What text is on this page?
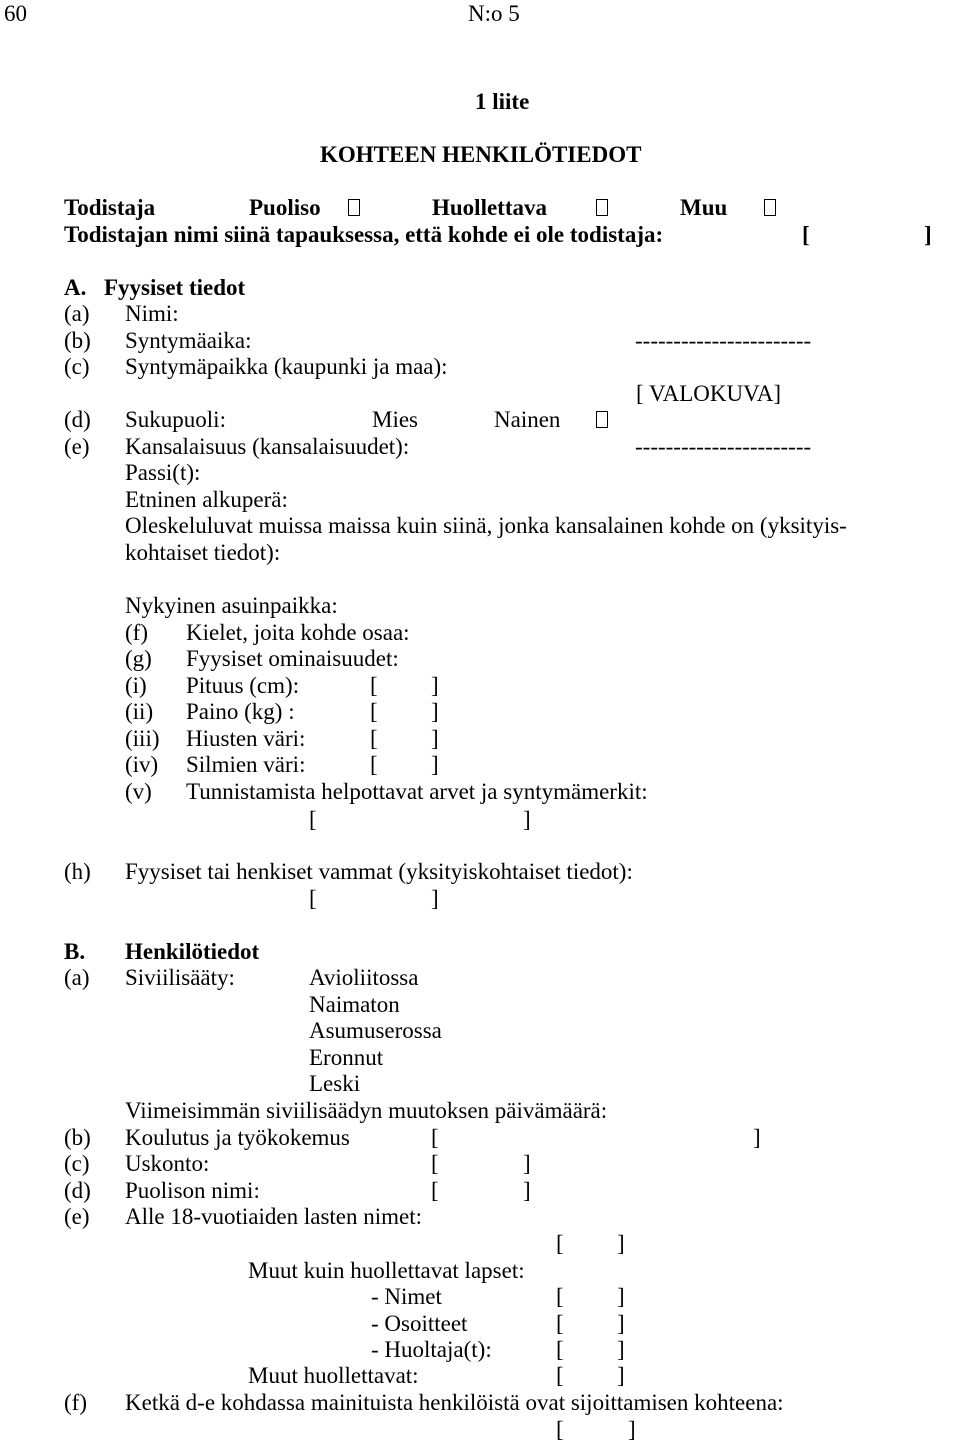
60	N:o 5
1 liite
KOHTEEN HENKILÖTIEDOT
Todistaja	Puoliso	Huollettava	Muu
Todistajan nimi siinä tapauksessa, että kohde ei ole todistaja:	[	]
A. Fyysiset tiedot
(a) Nimi:
(b) Syntymäaika:	-----------------------
(c) Syntymäpaikka (kaupunki ja maa):
[ VALOKUVA]
(d) Sukupuoli:	Mies	Nainen
(e) Kansalaisuus (kansalaisuudet):	-----------------------
Passi(t):
Etninen alkuperä:
Oleskeluluvat muissa maissa kuin siinä, jonka kansalainen kohde on (yksityis-
kohtaiset tiedot):
Nykyinen asuinpaikka:
(f) Kielet, joita kohde osaa:
(g) Fyysiset ominaisuudet:
(i) Pituus (cm):	[ ]
(ii) Paino (kg) :	[ ]
(iii) Hiusten väri:	[ ]
(iv) Silmien väri:	[ ]
(v) Tunnistamista helpottavat arvet ja syntymämerkit:
[	]
(h) Fyysiset tai henkiset vammat (yksityiskohtaiset tiedot):
[	]
B. Henkilötiedot
(a) Siviilisääty:	Avioliitossa
Naimaton
Asumuserossa
Eronnut
Leski
Viimeisimmän siviilisäädyn muutoksen päivämäärä:
(b) Koulutus ja työkokemus	[	]
(c) Uskonto:	[	]
(d) Puolison nimi:	[	]
(e) Alle 18-vuotiaiden lasten nimet:
[ ]
Muut kuin huollettavat lapset:
- Nimet	[ ]
- Osoitteet	[ ]
- Huoltaja(t):	[ ]
Muut huollettavat:	[ ]
(f) Ketkä d-e kohdassa mainituista henkilöistä ovat sijoittamisen kohteena:
[	]
